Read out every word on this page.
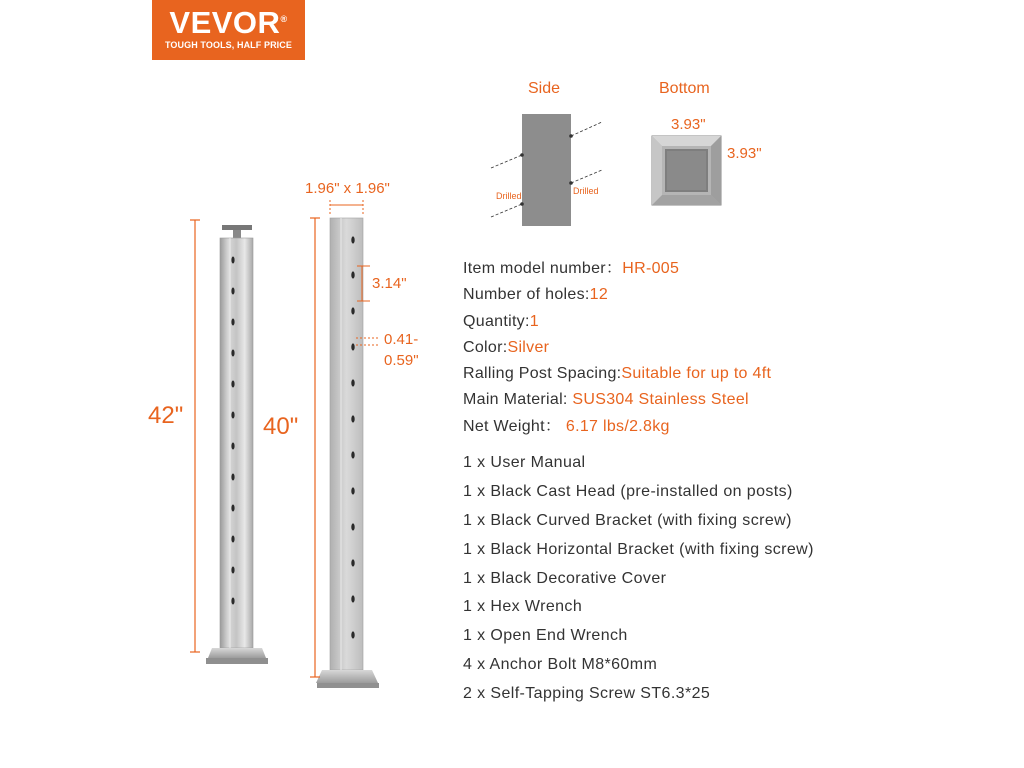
VEVOR®
TOUGH TOOLS, HALF PRICE
1.96" x 1.96"
3.14"
0.41-
0.59"
42"	40"
Side	Bottom
3.93"
3.93"
Drilled	Drilled
Item model number：HR-005
Number of holes:12
Quantity:1
Color:Silver
Ralling Post Spacing:Suitable for up to 4ft
Main Material: SUS304 Stainless Steel
Net Weight： 6.17 lbs/2.8kg
1 x User Manual
1 x Black Cast Head (pre-installed on posts)
1 x Black Curved Bracket (with fixing screw)
1 x Black Horizontal Bracket (with fixing screw)
1 x Black Decorative Cover
1 x Hex Wrench
1 x Open End Wrench
4 x Anchor Bolt M8*60mm
2 x Self-Tapping Screw ST6.3*25
